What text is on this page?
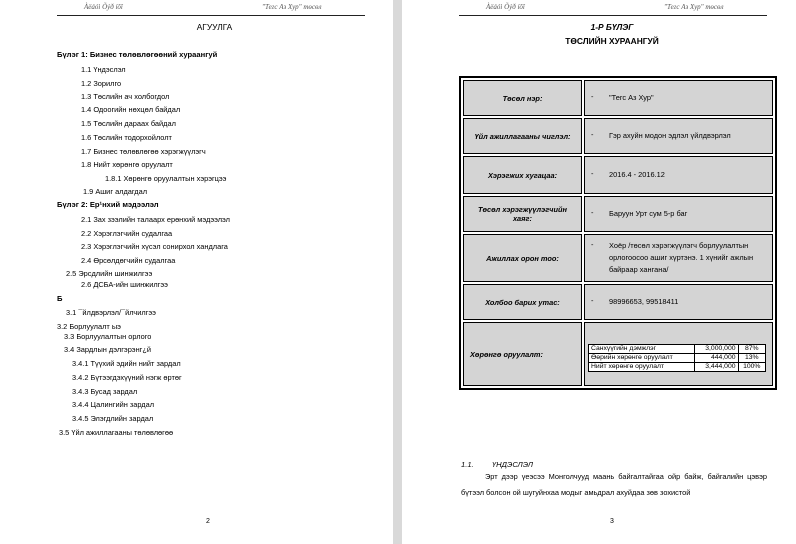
Àëáóì Õýð íõî	"Тегс Аз Хур" төсөл
АГУУЛГА
Бүлэг 1: Бизнес төлөвлөгөөний хураангуй
1.1 Үндэслэл
1.2 Зорилго
1.3 Төслийн ач холбогдол
1.4 Одоогийн нөхцөл байдал
1.5 Төслийн дараах байдал
1.6 Төслийн тодорхойлолт
1.7 Бизнес төлөвлөгөө хэрэгжүүлэгч
1.8 Нийт хөрөнгө оруулалт
1.8.1 Хөрөнгө оруулалтын хэрэгцээ
1.9 Ашиг алдагдал
Бүлэг 2: Ер¹нхий мэдээлэл
2.1 Зах зээлийн талаарх ерөнхий мэдээлэл
2.2 Хэрэглэгчийн судалгаа
2.3 Хэрэглэгчийн хүсэл сонирхол хандлага
2.4 Өрсөлдөгчийн судалгаа
2.5 Эрсдлийн шинжилгээ
2.6 ДСБА-ийн шинжилгээ
Б
3.1 ¯йлдвэрлэл/¯йлчилгээ
3.2 Борлуулалт ыэ
3.3 Борлуулалтын орлого
3.4 Зардлын дэлгэрэнг¿й
3.4.1 Түүхий эдийн нийт зардал
3.4.2 Бүтээгдэхүүний нэгж өртөг
3.4.3 Бусад зардал
3.4.4 Цалингийн зардал
3.4.5 Элэгдлийн зардал
3.5 Үйл ажиллагааны төлөвлөгөө
2
Àëáóì Õýð íõî	"Тегс Аз Хур" төсөл
1-Р БҮЛЭГ
ТӨСЛИЙН ХУРААНГУЙ
Төсөл нэр:	-	"Тегс Аз Хур"

Үйл ажиллагааны чиглэл:	-	Гэр ахуйн модон эдлэл үйлдвэрлэл

Хэрэгжих хугацаа:	-	2016.4 - 2016.12

Төсөл хэрэгжүүлэгчийн хаяг:	
-	Баруун Урт сум 5-р баг

Ажиллах орон тоо:	
-	Хоёр /төсөл хэрэгжүүлэгч борлуулалтын орлогоосоо ашиг хүртэнэ. 1 хүнийг ажлын байраар хангана/

Холбоо барих утас:	-	98996653, 99518411

Хөрөнгө оруулалт:	
Санхүүгийн дэмжлэг	3,000,000	87%
Өөрийн хөрөнгө оруулалт	444,000	13%
Нийт хөрөнгө оруулалт	3,444,000	100%
1.1. ҮНДЭСЛЭЛ
Эрт дээр үеэсээ Монголчууд маань байгалтайгаа ойр байж, байгалийн цэвэр бүтээл болсон ой шугуйнхаа модыг амьдрал ахуйдаа зөв зохистой
3
